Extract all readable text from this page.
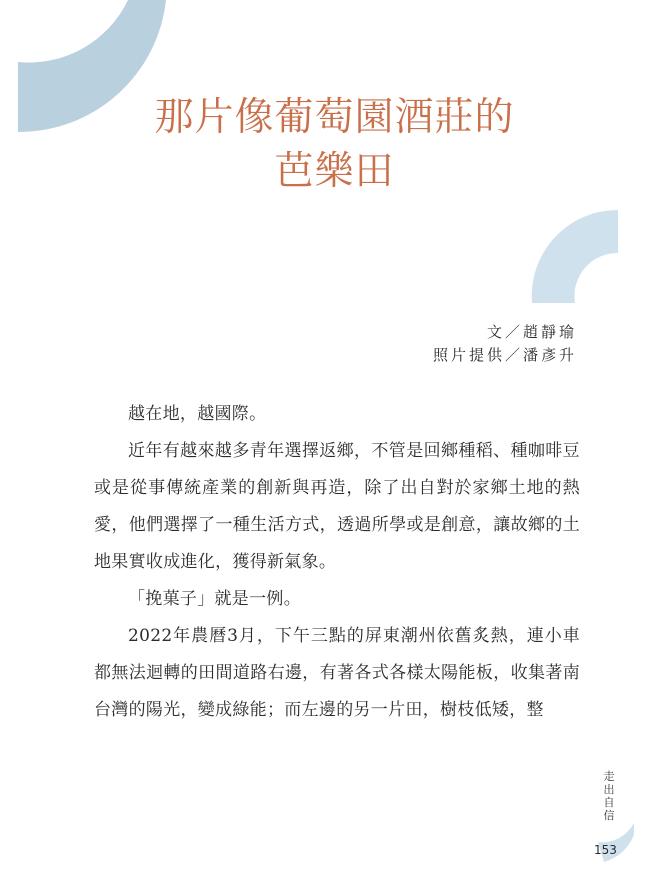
那片像葡萄園酒莊的
芭樂田
文／趙靜瑜
照片提供／潘彥升

越在地，越國際。

近年有越來越多青年選擇返鄉，不管是回鄉種稻、種咖啡豆或是從事傳統產業的創新與再造，除了出自對於家鄉土地的熱愛，他們選擇了一種生活方式，透過所學或是創意，讓故鄉的土地果實收成進化，獲得新氣象。

「挽菓子」就是一例。

2022年農曆3月，下午三點的屏東潮州依舊炙熱，連小車都無法迴轉的田間道路右邊，有著各式各樣太陽能板，收集著南台灣的陽光，變成綠能；而左邊的另一片田，樹枝低矮，整

走出自信
153
